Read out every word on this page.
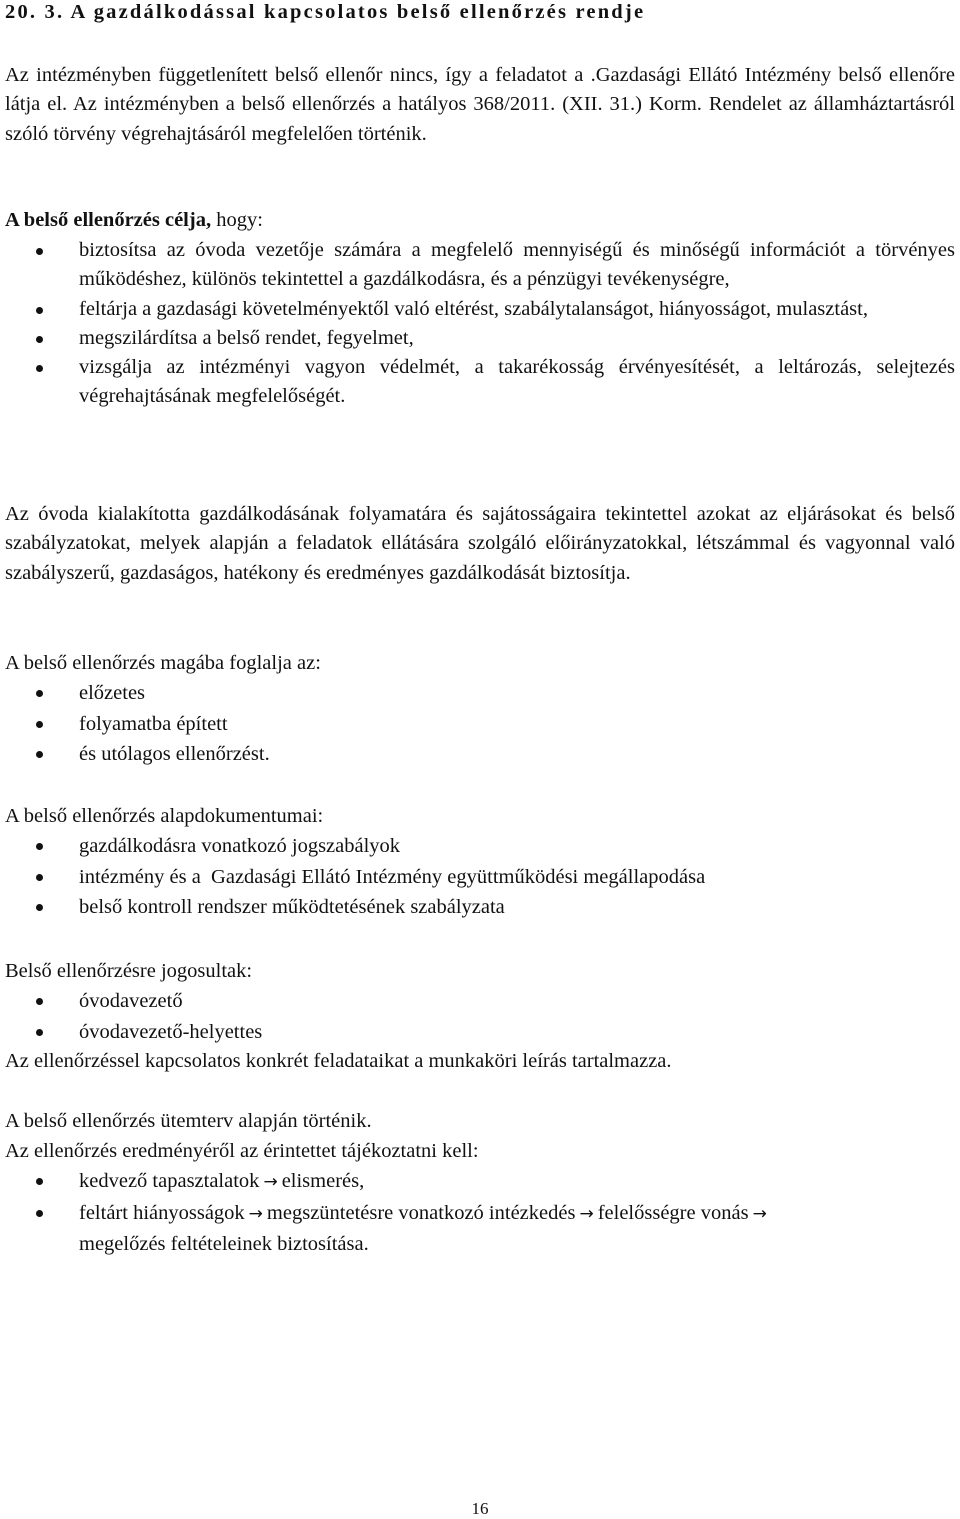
20. 3. A gazdálkodással kapcsolatos belső ellenőrzés rendje

Az intézményben függetlenített belső ellenőr nincs, így a feladatot a .Gazdasági Ellátó Intézmény belső ellenőre látja el. Az intézményben a belső ellenőrzés a hatályos 368/2011. (XII. 31.) Korm. Rendelet az államháztartásról szóló törvény végrehajtásáról megfelelően történik.

A belső ellenőrzés célja, hogy:
biztosítsa az óvoda vezetője számára a megfelelő mennyiségű és minőségű információt a törvényes működéshez, különös tekintettel a gazdálkodásra, és a pénzügyi tevékenységre,
feltárja a gazdasági követelményektől való eltérést, szabálytalanságot, hiányosságot, mulasztást,
megszilárdítsa a belső rendet, fegyelmet,
vizsgálja az intézményi vagyon védelmét, a takarékosság érvényesítését, a leltározás, selejtezés végrehajtásának megfelelőségét.

Az óvoda kialakította gazdálkodásának folyamatára és sajátosságaira tekintettel azokat az eljárásokat és belső szabályzatokat, melyek alapján a feladatok ellátására szolgáló előirányzatokkal, létszámmal és vagyonnal való szabályszerű, gazdaságos, hatékony és eredményes gazdálkodását biztosítja.

A belső ellenőrzés magába foglalja az:

előzetes
folyamatba épített
és utólagos ellenőrzést.

A belső ellenőrzés alapdokumentumai:

gazdálkodásra vonatkozó jogszabályok
intézmény és a  Gazdasági Ellátó Intézmény együttműködési megállapodása
belső kontroll rendszer működtetésének szabályzata

Belső ellenőrzésre jogosultak:

óvodavezető
óvodavezető-helyettes

Az ellenőrzéssel kapcsolatos konkrét feladataikat a munkaköri leírás tartalmazza.

A belső ellenőrzés ütemterv alapján történik.

Az ellenőrzés eredményéről az érintettet tájékoztatni kell:

kedvező tapasztalatok → elismerés,
feltárt hiányosságok → megszüntetésre vonatkozó intézkedés → felelősségre vonás →
megelőzés feltételeinek biztosítása.
16
